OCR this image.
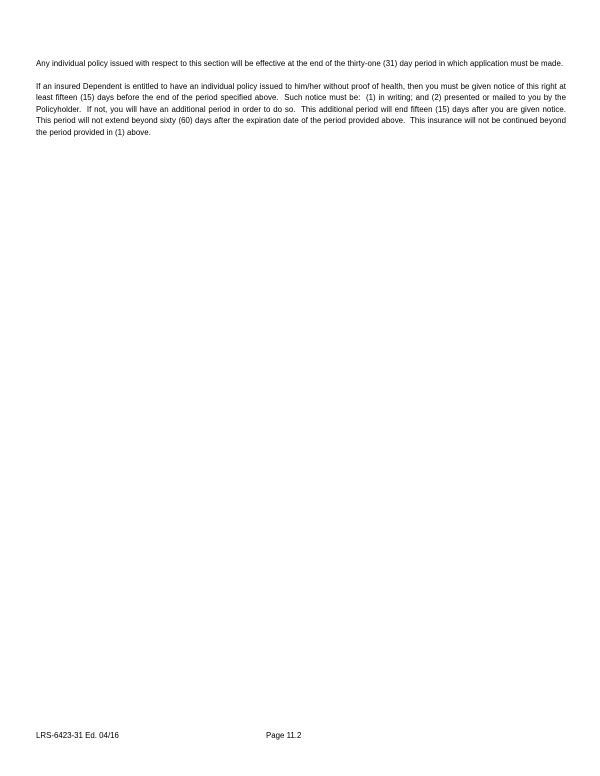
Any individual policy issued with respect to this section will be effective at the end of the thirty-one (31) day period in which application must be made.

If an insured Dependent is entitled to have an individual policy issued to him/her without proof of health, then you must be given notice of this right at least fifteen (15) days before the end of the period specified above.  Such notice must be:  (1) in writing; and (2) presented or mailed to you by the Policyholder.  If not, you will have an additional period in order to do so.  This additional period will end fifteen (15) days after you are given notice.  This period will not extend beyond sixty (60) days after the expiration date of the period provided above.  This insurance will not be continued beyond the period provided in (1) above.

LRS-6423-31 Ed. 04/16	Page 11.2
